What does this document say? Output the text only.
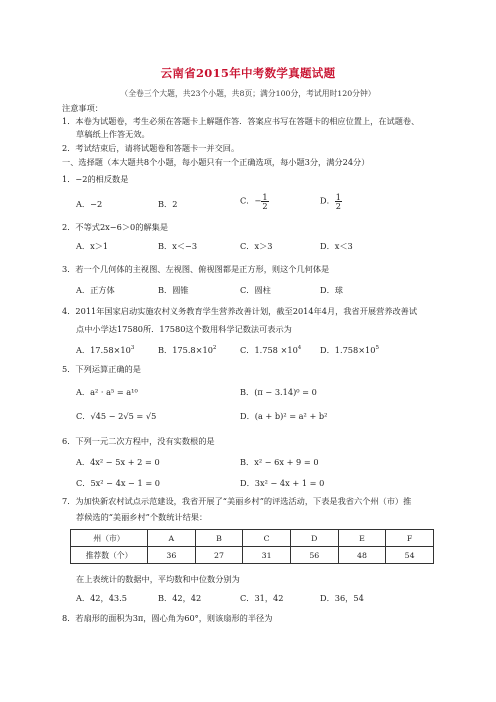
云南省2015年中考数学真题试题
（全卷三个大题，共23个小题，共8页；满分100分，考试用时120分钟）
注意事项：
1．本卷为试题卷，考生必须在答题卡上解题作答．答案应书写在答题卡的相应位置上，在试题卷、
草稿纸上作答无效。
2．考试结束后，请将试题卷和答题卡一并交回。
一、选择题（本大题共8个小题，每小题只有一个正确选项，每小题3分，满分24分）
1．−2的相反数是
A．−2	B．2	C．− $\frac{1}{2}$	D． $\frac{1}{2}$
2．不等式2x−6＞0的解集是
A．x＞1	B．x＜−3	C．x＞3	D．x＜3
3．若一个几何体的主视图、左视图、俯视图都是正方形，则这个几何体是
A．正方体	B．圆锥	C．圆柱	D．球
4．2011年国家启动实施农村义务教育学生营养改善计划，截至2014年4月，我省开展营养改善试
点中小学达17580所．17580这个数用科学记数法可表示为
A．$17.58\times 10^3$	B．$175.8\times 10^2$	C．$1.758 \times 10^4$ D．$1.758\times 10^5$
5．下列运算正确的是
A．a² · a⁵ = a¹⁰	B．(π − 3.14)⁰ = 0
C．√45 − 2√5 = √5	D．(a + b)² = a² + b²
6．下列一元二次方程中，没有实数根的是
A．4x² − 5x + 2 = 0	B．x² − 6x + 9 = 0
C．5x² − 4x − 1 = 0	D．3x² − 4x + 1 = 0
7．为加快新农村试点示范建设，我省开展了“美丽乡村”的评选活动，下表是我省六个州（市）推
荐候选的“美丽乡村”个数统计结果：
州（市）	A	B	C	D	E	F
推荐数（个）	36	27	31	56	48	54
在上表统计的数据中，平均数和中位数分别为
A．42，43.5	B．42，42	C．31，42	D．36，54
8．若扇形的面积为3π，圆心角为60°，则该扇形的半径为
